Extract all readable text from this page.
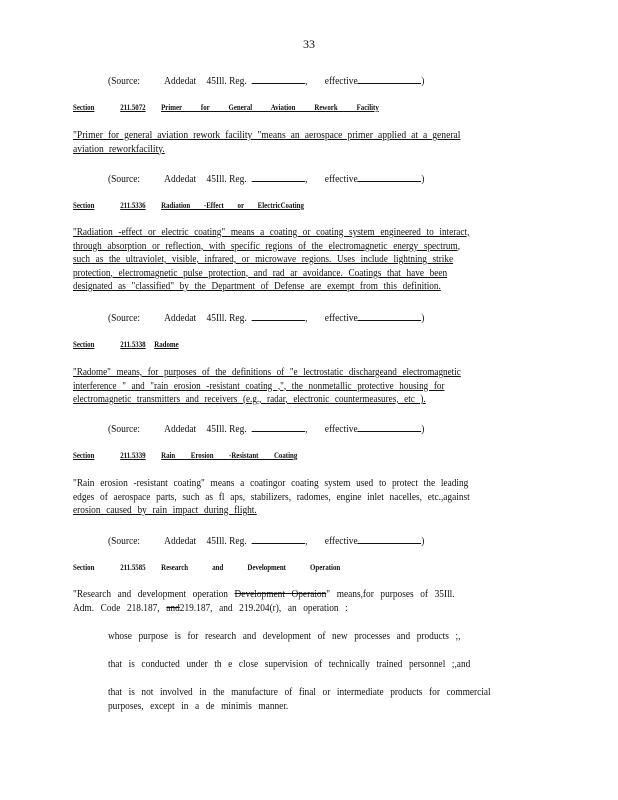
33
(Source: Addedat 45Ill. Reg.	, effective	)
Section	211.5072 Primer for General Aviation Rework Facility
"Primer for general aviation rework facility "means an aerospace primer applied at a general
aviation reworkfacility.
(Source: Addedat 45Ill. Reg.	, effective	)
Section	211.5336 Radiation -Effect or ElectricCoating
"Radiation -effect or electric coating" means a coating or coating system engineered to interact,
through absorption or reflection, with specific regions of the electromagnetic energy spectrum,
such as the ultraviolet, visible, infrared, or microwave regions. Uses include lightning strike
protection, electromagnetic pulse protection, and rad ar avoidance. Coatings that have been
designated as "classified" by the Department of Defense are exempt from this definition.
(Source: Addedat 45Ill. Reg.	, effective	)
Section	211.5338 Radome
"Radome" means, for purposes of the definitions of "e lectrostatic dischargeand electromagnetic
interference " and "rain erosion -resistant coating ,", the nonmetallic protective housing for
electromagnetic transmitters and receivers (e.g., radar, electronic countermeasures, etc ).
(Source: Addedat 45Ill. Reg.	, effective	)
Section	211.5339 Rain Erosion -Resistant Coating
"Rain erosion -resistant coating" means a coatingor coating system used to protect the leading
edges of aerospace parts, such as fl aps, stabilizers, radomes, engine inlet nacelles, etc.,against
erosion caused by rain impact during flight.
(Source: Addedat 45Ill. Reg.	, effective	)
Section	211.5585 Research and Development Operation
"Research and development operation Development Operaion" means,for purposes of 35Ill.
Adm. Code 218.187, and219.187, and 219.204(r), an operation :
whose purpose is for research and development of new processes and products ;,
that is conducted under th e close supervision of technically trained personnel ;,and
that is not involved in the manufacture of final or intermediate products for commercial
purposes, except in a de minimis manner.
